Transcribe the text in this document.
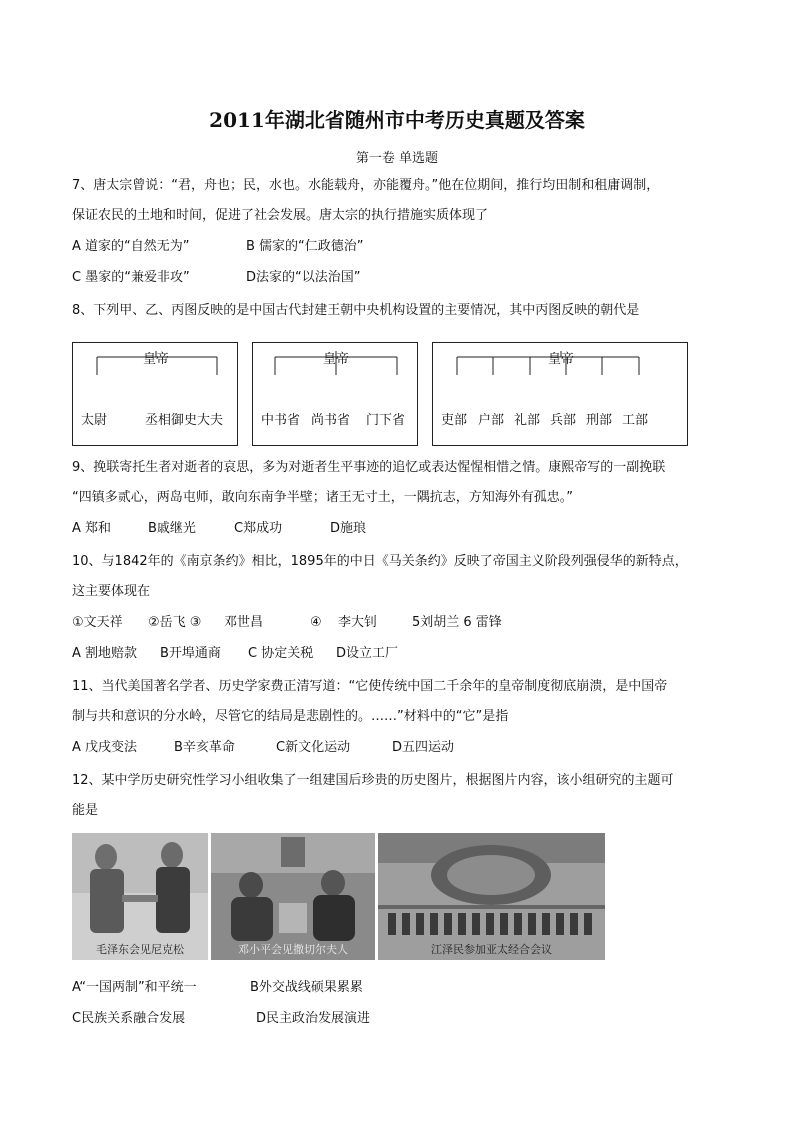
2011年湖北省随州市中考历史真题及答案
第一卷 单选题
7、唐太宗曾说：“君，舟也；民，水也。水能载舟，亦能覆舟。”他在位期间，推行均田制和租庸调制，
保证农民的土地和时间，促进了社会发展。唐太宗的执行措施实质体现了
A 道家的“自然无为”	B 儒家的“仁政德治”
C 墨家的“兼爱非攻”	D法家的“以法治国”
8、下列甲、乙、丙图反映的是中国古代封建王朝中央机构设置的主要情况，其中丙图反映的朝代是
皇帝
太尉	丞相御史大夫
皇帝
中书省 尚书省 门下省
皇帝
吏部 户部 礼部 兵部 刑部 工部
9、挽联寄托生者对逝者的哀思，多为对逝者生平事迹的追忆或表达惺惺相惜之情。康熙帝写的一副挽联
“四镇多贰心，两岛屯师，敢向东南争半壁；诸王无寸土，一隅抗志，方知海外有孤忠。”
A 郑和	B戚继光	C郑成功	D施琅
10、与1842年的《南京条约》相比，1895年的中日《马关条约》反映了帝国主义阶段列强侵华的新特点，
这主要体现在
①文天祥 ②岳飞 ③ 邓世昌	④ 李大钊	5刘胡兰 6 雷锋
A 割地赔款 B开埠通商 C 协定关税 D设立工厂
11、当代美国著名学者、历史学家费正清写道：“它使传统中国二千余年的皇帝制度彻底崩溃，是中国帝
制与共和意识的分水岭，尽管它的结局是悲剧性的。……”材料中的“它”是指
A 戊戌变法	B辛亥革命	C新文化运动	D五四运动
12、某中学历史研究性学习小组收集了一组建国后珍贵的历史图片，根据图片内容，该小组研究的主题可
能是
毛泽东会见尼克松	邓小平会见撒切尔夫人	江泽民参加亚太经合会议
A“一国两制”和平统一	B外交战线硕果累累
C民族关系融合发展	D民主政治发展演进
